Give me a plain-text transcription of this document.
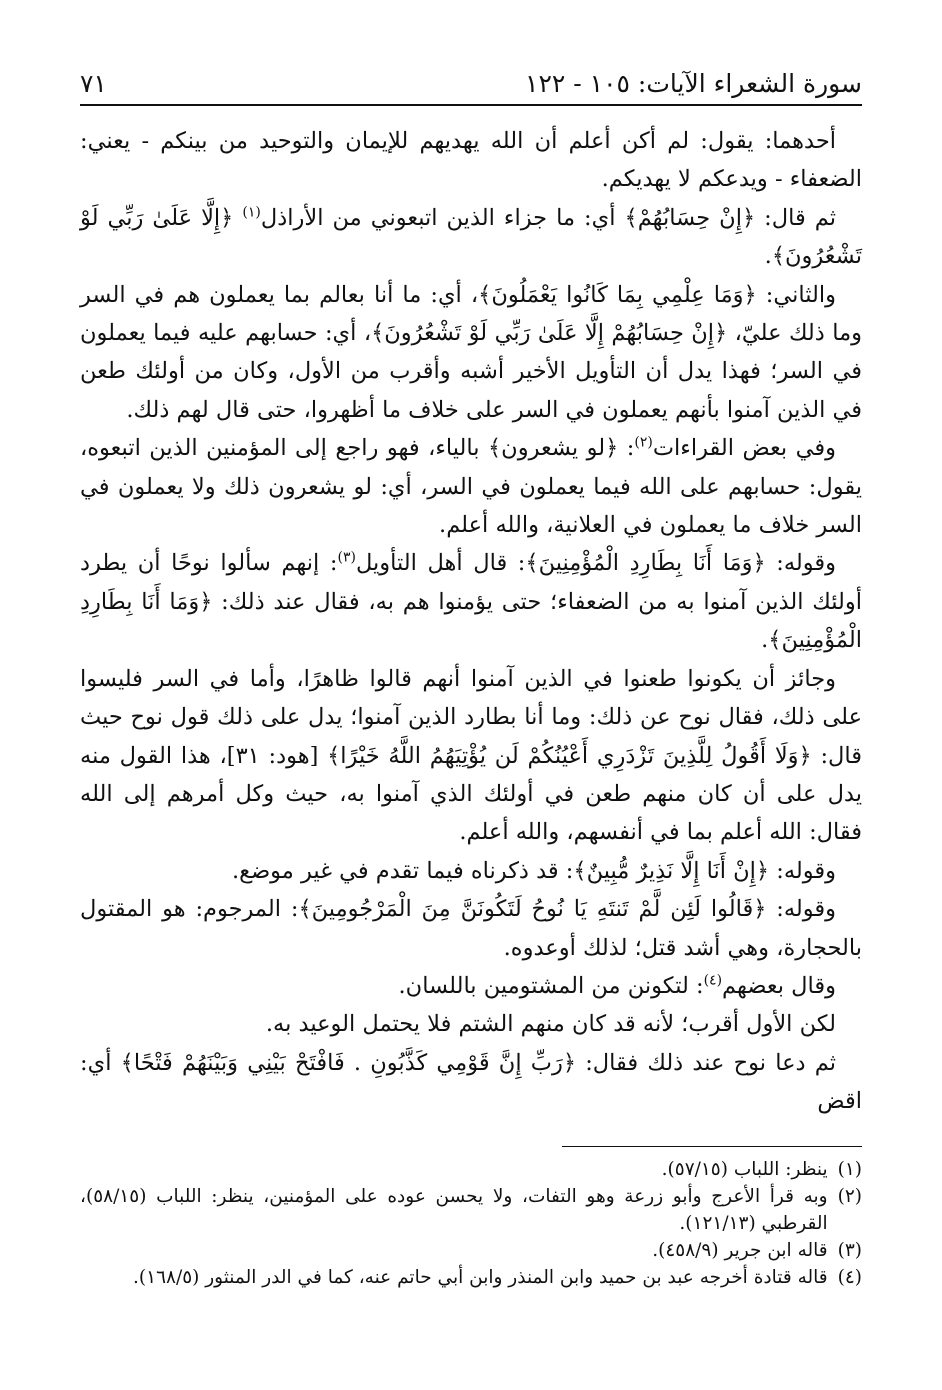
سورة الشعراء الآيات: ١٠٥ - ١٢٢
٧١

أحدهما: يقول: لم أكن أعلم أن الله يهديهم للإيمان والتوحيد من بينكم - يعني: الضعفاء - ويدعكم لا يهديكم.

ثم قال: ﴿إِنْ حِسَابُهُمْ﴾ أي: ما جزاء الذين اتبعوني من الأراذل$^{(١)}$ ﴿إِلَّا عَلَىٰ رَبِّي لَوْ تَشْعُرُونَ﴾.

والثاني: ﴿وَمَا عِلْمِي بِمَا كَانُوا يَعْمَلُونَ﴾، أي: ما أنا بعالم بما يعملون هم في السر وما ذلك عليّ، ﴿إِنْ حِسَابُهُمْ إِلَّا عَلَىٰ رَبِّي لَوْ تَشْعُرُونَ﴾، أي: حسابهم عليه فيما يعملون في السر؛ فهذا يدل أن التأويل الأخير أشبه وأقرب من الأول، وكان من أولئك طعن في الذين آمنوا بأنهم يعملون في السر على خلاف ما أظهروا، حتى قال لهم ذلك.

وفي بعض القراءات$^{(٢)}$: ﴿لو يشعرون﴾ بالياء، فهو راجع إلى المؤمنين الذين اتبعوه، يقول: حسابهم على الله فيما يعملون في السر، أي: لو يشعرون ذلك ولا يعملون في السر خلاف ما يعملون في العلانية، والله أعلم.

وقوله: ﴿وَمَا أَنَا بِطَارِدِ الْمُؤْمِنِينَ﴾: قال أهل التأويل$^{(٣)}$: إنهم سألوا نوحًا أن يطرد أولئك الذين آمنوا به من الضعفاء؛ حتى يؤمنوا هم به، فقال عند ذلك: ﴿وَمَا أَنَا بِطَارِدِ الْمُؤْمِنِينَ﴾.

وجائز أن يكونوا طعنوا في الذين آمنوا أنهم قالوا ظاهرًا، وأما في السر فليسوا على ذلك، فقال نوح عن ذلك: وما أنا بطارد الذين آمنوا؛ يدل على ذلك قول نوح حيث قال: ﴿وَلَا أَقُولُ لِلَّذِينَ تَزْدَرِي أَعْيُنُكُمْ لَن يُؤْتِيَهُمُ اللَّهُ خَيْرًا﴾ [هود: ٣١]، هذا القول منه يدل على أن كان منهم طعن في أولئك الذي آمنوا به، حيث وكل أمرهم إلى الله فقال: الله أعلم بما في أنفسهم، والله أعلم.

وقوله: ﴿إِنْ أَنَا إِلَّا نَذِيرٌ مُّبِينٌ﴾: قد ذكرناه فيما تقدم في غير موضع.

وقوله: ﴿قَالُوا لَئِن لَّمْ تَنتَهِ يَا نُوحُ لَتَكُونَنَّ مِنَ الْمَرْجُومِينَ﴾: المرجوم: هو المقتول بالحجارة، وهي أشد قتل؛ لذلك أوعدوه.

وقال بعضهم$^{(٤)}$: لتكونن من المشتومين باللسان.

لكن الأول أقرب؛ لأنه قد كان منهم الشتم فلا يحتمل الوعيد به.

ثم دعا نوح عند ذلك فقال: ﴿رَبِّ إِنَّ قَوْمِي كَذَّبُونِ . فَافْتَحْ بَيْنِي وَبَيْنَهُمْ فَتْحًا﴾ أي: اقض

(١)
ينظر: اللباب (٥٧/١٥).
(٢)
وبه قرأ الأعرج وأبو زرعة وهو التفات، ولا يحسن عوده على المؤمنين، ينظر: اللباب (٥٨/١٥)، القرطبي (١٢١/١٣).
(٣)
قاله ابن جرير (٤٥٨/٩).
(٤)
قاله قتادة أخرجه عبد بن حميد وابن المنذر وابن أبي حاتم عنه، كما في الدر المنثور (١٦٨/٥).
